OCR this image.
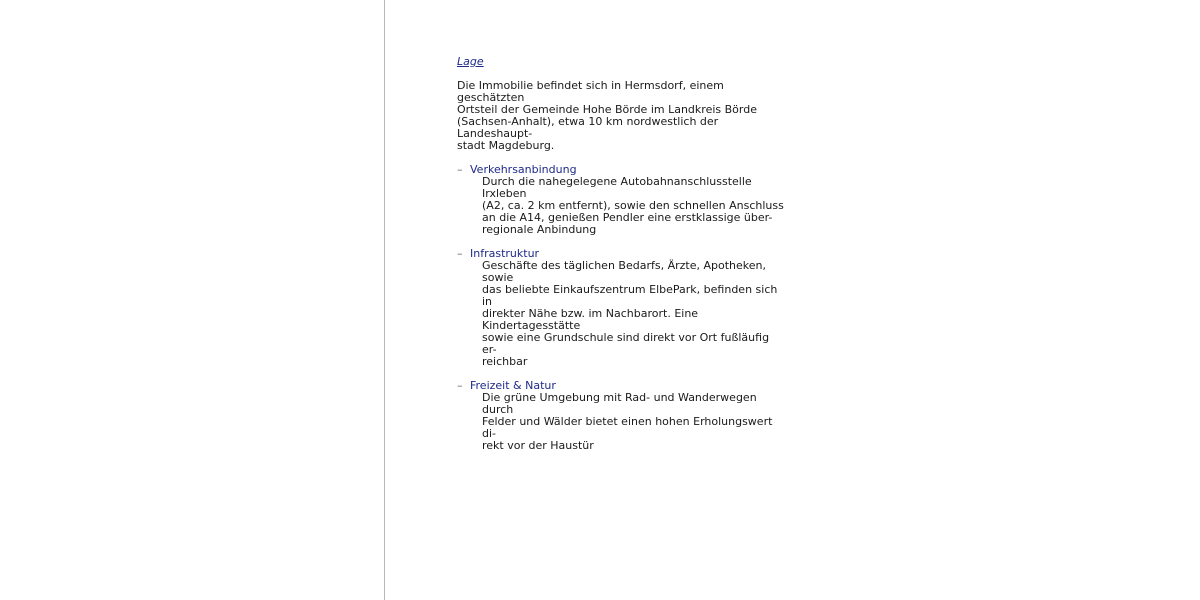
Lage
Die Immobilie befindet sich in Hermsdorf, einem geschätzten
Ortsteil der Gemeinde Hohe Börde im Landkreis Börde
(Sachsen-Anhalt), etwa 10 km nordwestlich der Landeshaupt-
stadt Magdeburg.
– Verkehrsanbindung
Durch die nahegelegene Autobahnanschlusstelle Irxleben
(A2, ca. 2 km entfernt), sowie den schnellen Anschluss
an die A14, genießen Pendler eine erstklassige über-
regionale Anbindung
– Infrastruktur
Geschäfte des täglichen Bedarfs, Ärzte, Apotheken, sowie
das beliebte Einkaufszentrum ElbePark, befinden sich in
direkter Nähe bzw. im Nachbarort. Eine Kindertagesstätte
sowie eine Grundschule sind direkt vor Ort fußläufig er-
reichbar
– Freizeit & Natur
Die grüne Umgebung mit Rad- und Wanderwegen durch
Felder und Wälder bietet einen hohen Erholungswert di-
rekt vor der Haustür
